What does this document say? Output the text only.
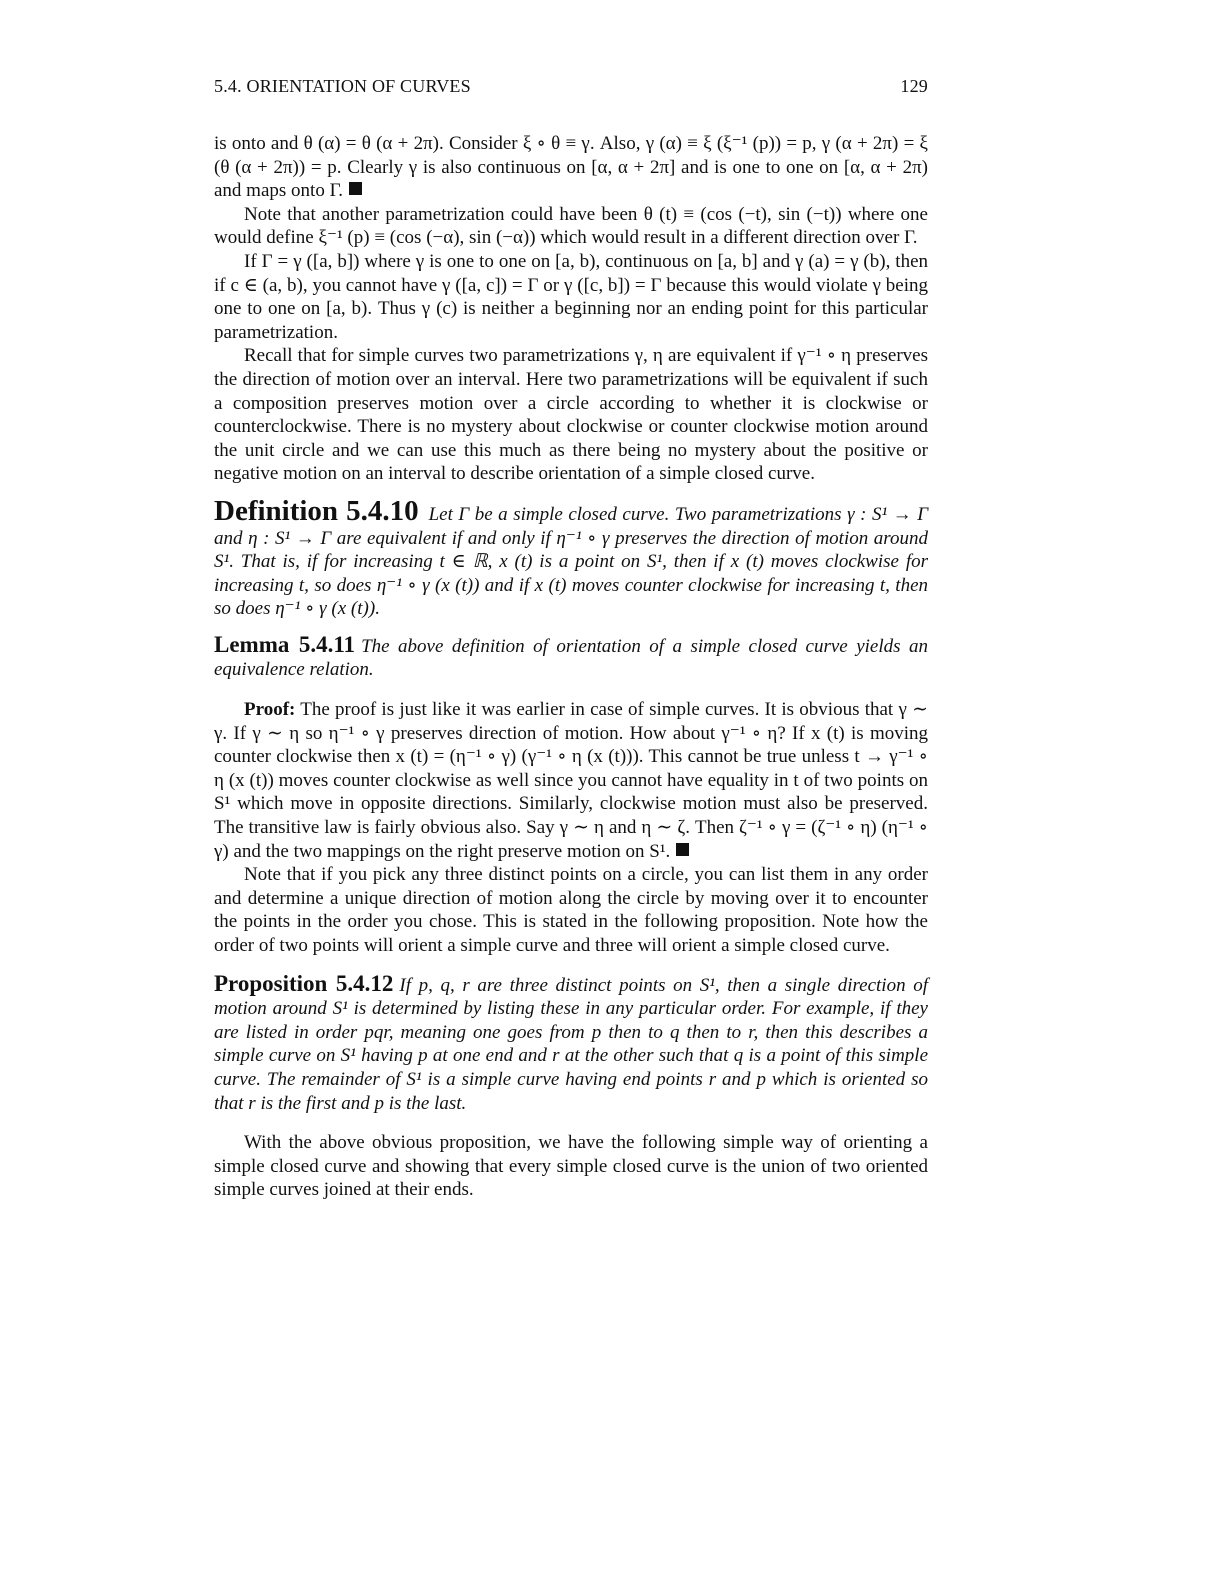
5.4. ORIENTATION OF CURVES	129

is onto and θ (α) = θ (α + 2π). Consider ξ ∘ θ ≡ γ. Also, γ (α) ≡ ξ (ξ⁻¹ (p)) = p, γ (α + 2π) = ξ (θ (α + 2π)) = p. Clearly γ is also continuous on [α, α + 2π] and is one to one on [α, α + 2π) and maps onto Γ.

Note that another parametrization could have been θ (t) ≡ (cos (−t), sin (−t)) where one would define ξ⁻¹ (p) ≡ (cos (−α), sin (−α)) which would result in a different direction over Γ.

If Γ = γ ([a, b]) where γ is one to one on [a, b), continuous on [a, b] and γ (a) = γ (b), then if c ∈ (a, b), you cannot have γ ([a, c]) = Γ or γ ([c, b]) = Γ because this would violate γ being one to one on [a, b). Thus γ (c) is neither a beginning nor an ending point for this particular parametrization.

Recall that for simple curves two parametrizations γ, η are equivalent if γ⁻¹ ∘ η preserves the direction of motion over an interval. Here two parametrizations will be equivalent if such a composition preserves motion over a circle according to whether it is clockwise or counterclockwise. There is no mystery about clockwise or counter clockwise motion around the unit circle and we can use this much as there being no mystery about the positive or negative motion on an interval to describe orientation of a simple closed curve.

Definition 5.4.10 Let Γ be a simple closed curve. Two parametrizations γ : S¹ → Γ and η : S¹ → Γ are equivalent if and only if η⁻¹ ∘ γ preserves the direction of motion around S¹. That is, if for increasing t ∈ ℝ, x (t) is a point on S¹, then if x (t) moves clockwise for increasing t, so does η⁻¹ ∘ γ (x (t)) and if x (t) moves counter clockwise for increasing t, then so does η⁻¹ ∘ γ (x (t)).

Lemma 5.4.11 The above definition of orientation of a simple closed curve yields an equivalence relation.

Proof: The proof is just like it was earlier in case of simple curves. It is obvious that γ ∼ γ. If γ ∼ η so η⁻¹ ∘ γ preserves direction of motion. How about γ⁻¹ ∘ η? If x (t) is moving counter clockwise then x (t) = (η⁻¹ ∘ γ) (γ⁻¹ ∘ η (x (t))). This cannot be true unless t → γ⁻¹ ∘ η (x (t)) moves counter clockwise as well since you cannot have equality in t of two points on S¹ which move in opposite directions. Similarly, clockwise motion must also be preserved. The transitive law is fairly obvious also. Say γ ∼ η and η ∼ ζ. Then ζ⁻¹ ∘ γ = (ζ⁻¹ ∘ η) (η⁻¹ ∘ γ) and the two mappings on the right preserve motion on S¹.

Note that if you pick any three distinct points on a circle, you can list them in any order and determine a unique direction of motion along the circle by moving over it to encounter the points in the order you chose. This is stated in the following proposition. Note how the order of two points will orient a simple curve and three will orient a simple closed curve.

Proposition 5.4.12 If p, q, r are three distinct points on S¹, then a single direction of motion around S¹ is determined by listing these in any particular order. For example, if they are listed in order pqr, meaning one goes from p then to q then to r, then this describes a simple curve on S¹ having p at one end and r at the other such that q is a point of this simple curve. The remainder of S¹ is a simple curve having end points r and p which is oriented so that r is the first and p is the last.

With the above obvious proposition, we have the following simple way of orienting a simple closed curve and showing that every simple closed curve is the union of two oriented simple curves joined at their ends.
